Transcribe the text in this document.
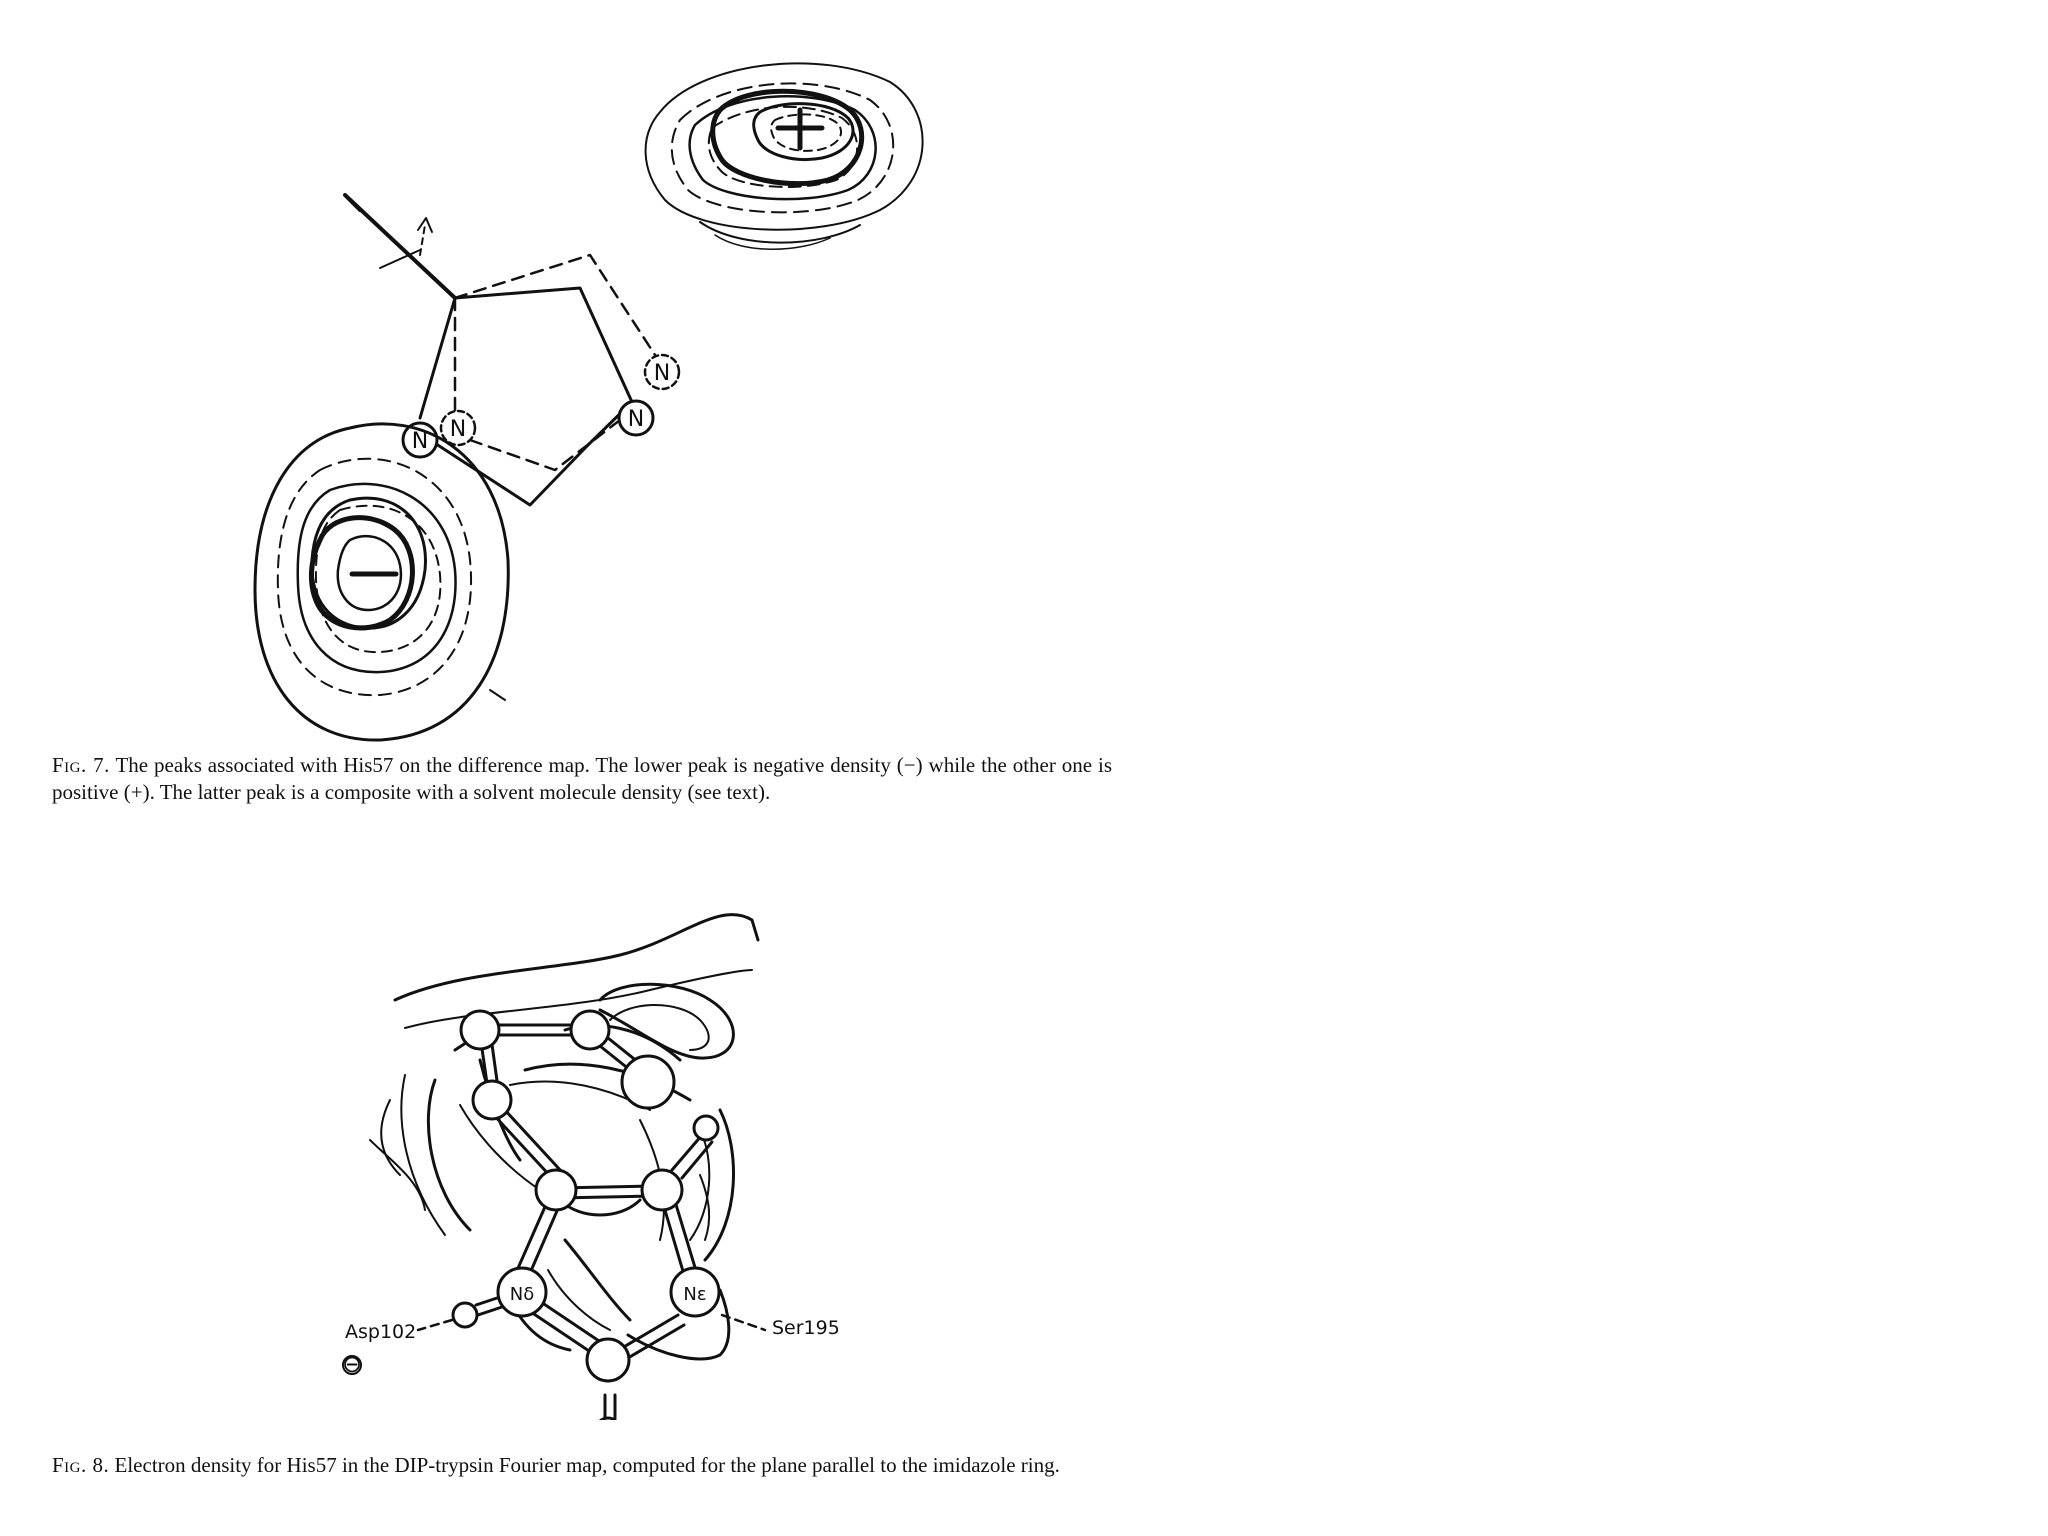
N N	N
N
Fig. 7. The peaks associated with His57 on the difference map. The lower peak is negative density (−) while the other one is positive (+). The latter peak is a composite with a solvent molecule density (see text).
Nδ	Nε
Asp102	Ser195
⊖
Fig. 8. Electron density for His57 in the DIP-trypsin Fourier map, computed for the plane parallel to the imidazole ring.
